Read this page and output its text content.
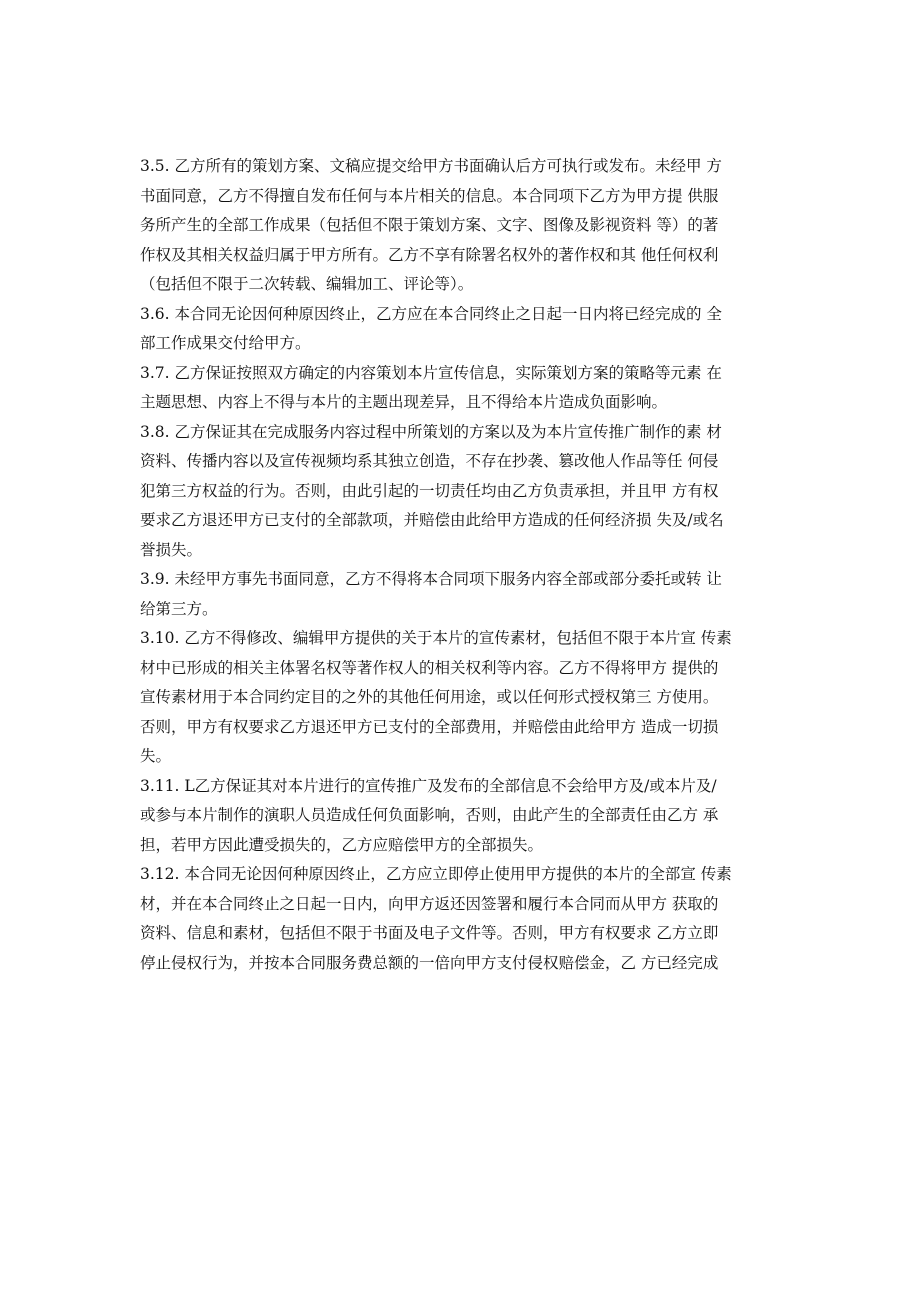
3.5. 乙方所有的策划方案、文稿应提交给甲方书面确认后方可执行或发布。未经甲 方
书面同意，乙方不得擅自发布任何与本片相关的信息。本合同项下乙方为甲方提 供服
务所产生的全部工作成果（包括但不限于策划方案、文字、图像及影视资料 等）的著
作权及其相关权益归属于甲方所有。乙方不享有除署名权外的著作权和其 他任何权利
（包括但不限于二次转载、编辑加工、评论等）。
3.6. 本合同无论因何种原因终止，乙方应在本合同终止之日起一日内将已经完成的 全
部工作成果交付给甲方。
3.7. 乙方保证按照双方确定的内容策划本片宣传信息，实际策划方案的策略等元素 在
主题思想、内容上不得与本片的主题出现差异，且不得给本片造成负面影响。
3.8. 乙方保证其在完成服务内容过程中所策划的方案以及为本片宣传推广制作的素 材
资料、传播内容以及宣传视频均系其独立创造，不存在抄袭、篡改他人作品等任 何侵
犯第三方权益的行为。否则，由此引起的一切责任均由乙方负责承担，并且甲 方有权
要求乙方退还甲方已支付的全部款项，并赔偿由此给甲方造成的任何经济损 失及/或名
誉损失。
3.9. 未经甲方事先书面同意，乙方不得将本合同项下服务内容全部或部分委托或转 让
给第三方。
3.10. 乙方不得修改、编辑甲方提供的关于本片的宣传素材，包括但不限于本片宣 传素
材中已形成的相关主体署名权等著作权人的相关权利等内容。乙方不得将甲方 提供的
宣传素材用于本合同约定目的之外的其他任何用途，或以任何形式授权第三 方使用。
否则，甲方有权要求乙方退还甲方已支付的全部费用，并赔偿由此给甲方 造成一切损
失。
3.11. L乙方保证其对本片进行的宣传推广及发布的全部信息不会给甲方及/或本片及/
或参与本片制作的演职人员造成任何负面影响，否则，由此产生的全部责任由乙方 承
担，若甲方因此遭受损失的，乙方应赔偿甲方的全部损失。
3.12. 本合同无论因何种原因终止，乙方应立即停止使用甲方提供的本片的全部宣 传素
材，并在本合同终止之日起一日内，向甲方返还因签署和履行本合同而从甲方 获取的
资料、信息和素材，包括但不限于书面及电子文件等。否则，甲方有权要求 乙方立即
停止侵权行为，并按本合同服务费总额的一倍向甲方支付侵权赔偿金，乙 方已经完成
